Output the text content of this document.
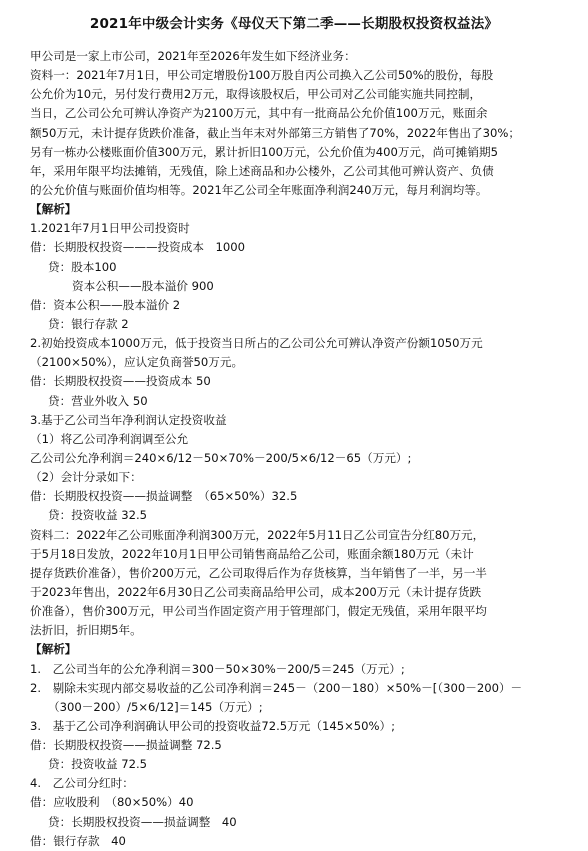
2021年中级会计实务《母仪天下第二季——长期股权投资权益法》
甲公司是一家上市公司，2021年至2026年发生如下经济业务：
资料一：2021年7月1日，甲公司定增股份100万股自丙公司换入乙公司50%的股份，每股
公允价为10元，另付发行费用2万元，取得该股权后，甲公司对乙公司能实施共同控制，
当日，乙公司公允可辨认净资产为2100万元，其中有一批商品公允价值100万元，账面余
额50万元，未计提存货跌价准备，截止当年末对外部第三方销售了70%，2022年售出了30%；
另有一栋办公楼账面价值300万元，累计折旧100万元，公允价值为400万元，尚可摊销期5
年，采用年限平均法摊销，无残值，除上述商品和办公楼外，乙公司其他可辨认资产、负债
的公允价值与账面价值均相等。2021年乙公司全年账面净利润240万元，每月利润均等。
【解析】
1.2021年7月1日甲公司投资时
借：长期股权投资———投资成本　1000
贷：股本100
资本公积——股本溢价 900
借：资本公积——股本溢价 2
贷：银行存款 2
2.初始投资成本1000万元，低于投资当日所占的乙公司公允可辨认净资产份额1050万元
（2100×50%），应认定负商誉50万元。
借：长期股权投资——投资成本 50
贷：营业外收入 50
3.基于乙公司当年净利润认定投资收益
（1）将乙公司净利润调至公允
乙公司公允净利润＝240×6/12－50×70%－200/5×6/12－65（万元）;
（2）会计分录如下：
借：长期股权投资——损益调整　（65×50%）32.5
贷：投资收益 32.5
资料二：2022年乙公司账面净利润300万元，2022年5月11日乙公司宣告分红80万元，
于5月18日发放，2022年10月1日甲公司销售商品给乙公司，账面余额180万元（未计
提存货跌价准备），售价200万元，乙公司取得后作为存货核算，当年销售了一半，另一半
于2023年售出，2022年6月30日乙公司卖商品给甲公司，成本200万元（未计提存货跌
价准备），售价300万元，甲公司当作固定资产用于管理部门，假定无残值，采用年限平均
法折旧，折旧期5年。
【解析】
1.　乙公司当年的公允净利润＝300－50×30%－200/5＝245（万元）;
2.　剔除未实现内部交易收益的乙公司净利润＝245－（200－180）×50%－[（300－200）－
（300－200）/5×6/12]＝145（万元）;
3.　基于乙公司净利润确认甲公司的投资收益72.5万元（145×50%）;
借：长期股权投资——损益调整 72.5
贷：投资收益 72.5
4.　乙公司分红时：
借：应收股利　（80×50%）40
贷：长期股权投资——损益调整　40
借：银行存款　40
